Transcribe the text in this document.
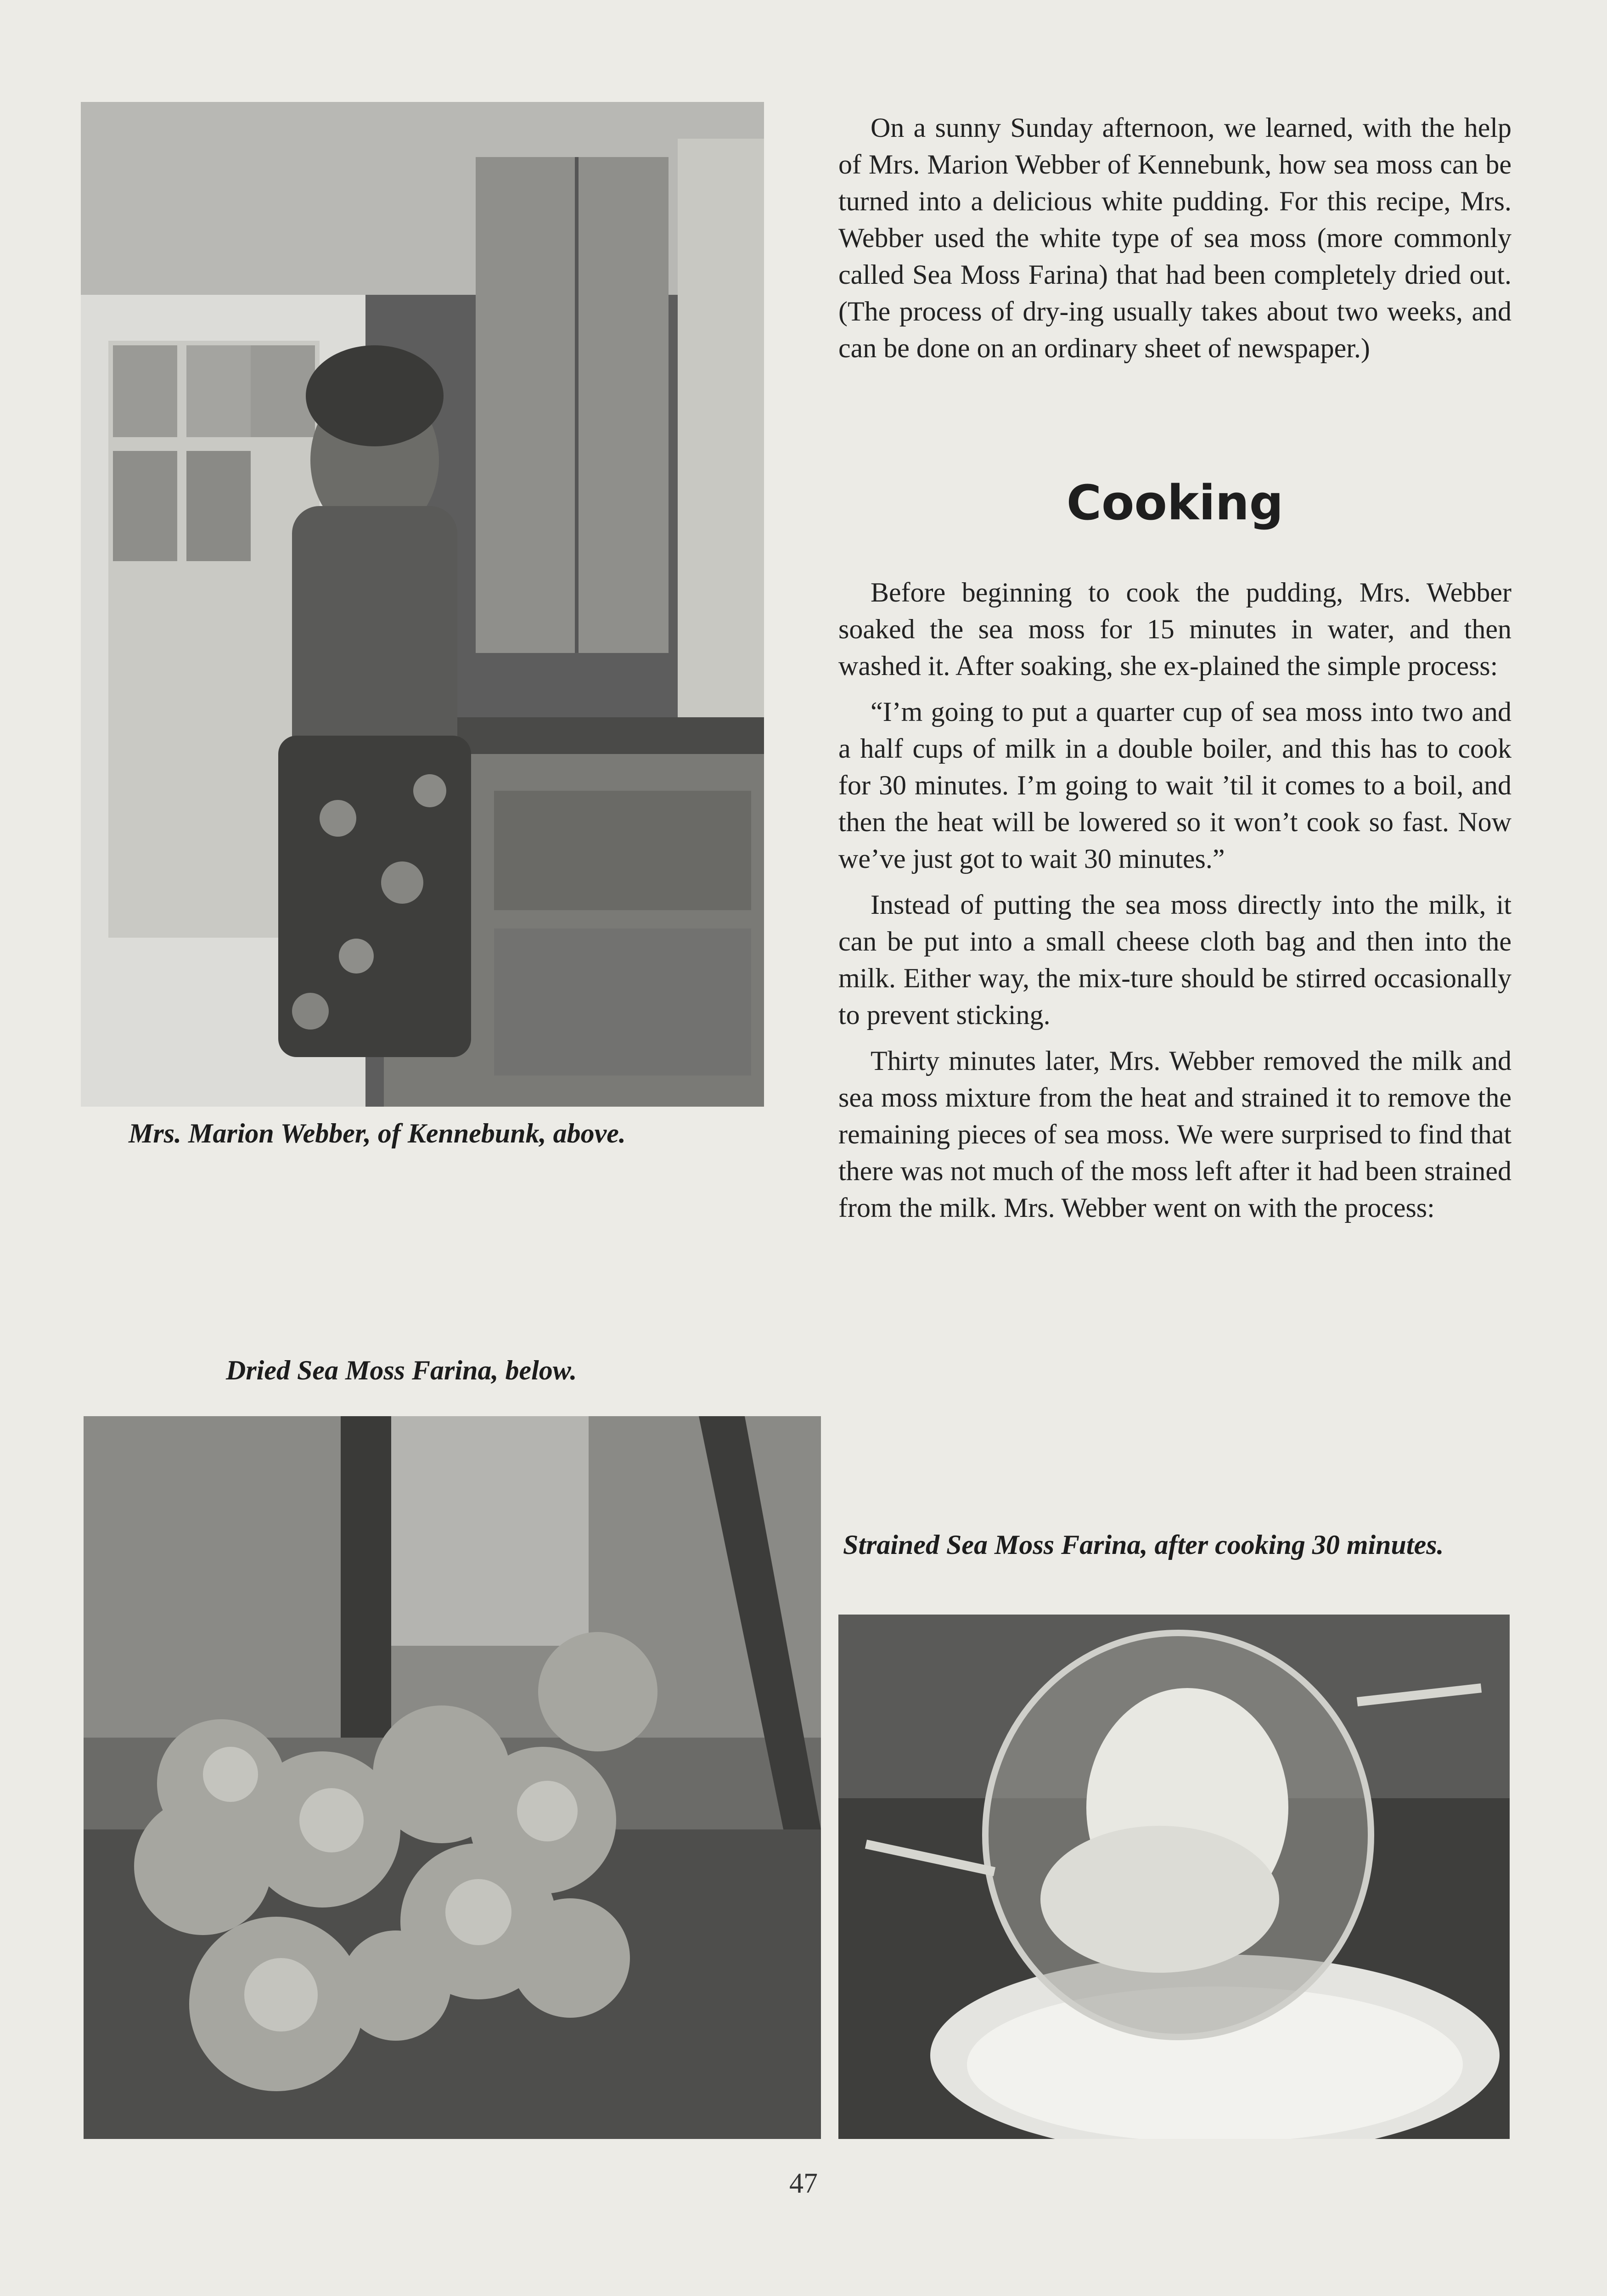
Mrs. Marion Webber, of Kennebunk, above.

On a sunny Sunday afternoon, we learned, with the help of Mrs. Marion Webber of Kennebunk, how sea moss can be turned into a delicious white pudding. For this recipe, Mrs. Webber used the white type of sea moss (more commonly called Sea Moss Farina) that had been completely dried out. (The process of dry-ing usually takes about two weeks, and can be done on an ordinary sheet of newspaper.)

Cooking

Before beginning to cook the pudding, Mrs. Webber soaked the sea moss for 15 minutes in water, and then washed it. After soaking, she ex-plained the simple process:

“I’m going to put a quarter cup of sea moss into two and a half cups of milk in a double boiler, and this has to cook for 30 minutes. I’m going to wait ’til it comes to a boil, and then the heat will be lowered so it won’t cook so fast. Now we’ve just got to wait 30 minutes.”

Instead of putting the sea moss directly into the milk, it can be put into a small cheese cloth bag and then into the milk. Either way, the mix-ture should be stirred occasionally to prevent sticking.

Thirty minutes later, Mrs. Webber removed the milk and sea moss mixture from the heat and strained it to remove the remaining pieces of sea moss. We were surprised to find that there was not much of the moss left after it had been strained from the milk. Mrs. Webber went on with the process:

Dried Sea Moss Farina, below.
Strained Sea Moss Farina, after cooking 30 minutes.
47
